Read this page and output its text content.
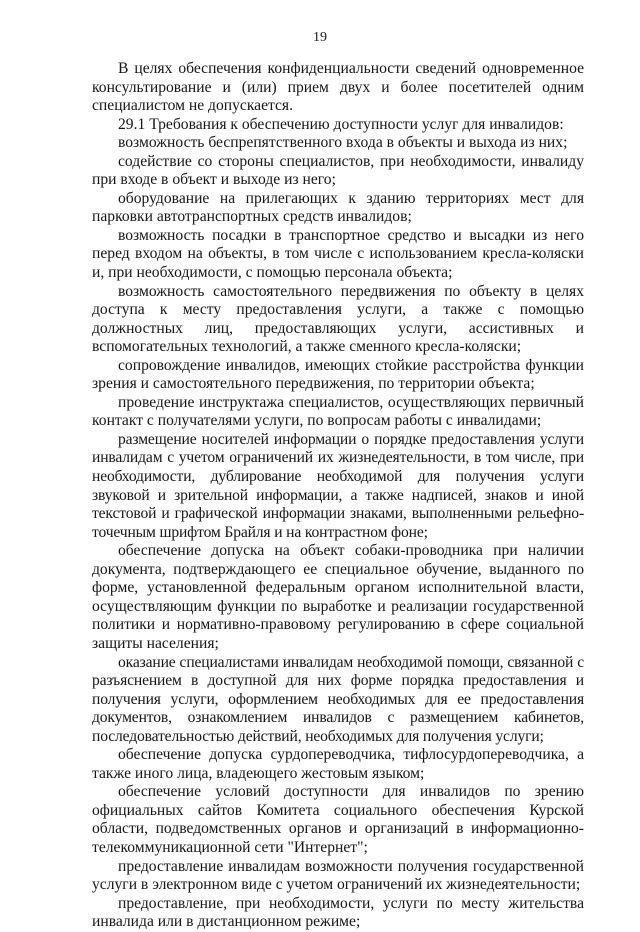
19

В целях обеспечения конфиденциальности сведений одновременное консультирование и (или) прием двух и более посетителей одним специалистом не допускается.

29.1 Требования к обеспечению доступности услуг для инвалидов:

возможность беспрепятственного входа в объекты и выхода из них;

содействие со стороны специалистов, при необходимости, инвалиду при входе в объект и выходе из него;

оборудование на прилегающих к зданию территориях мест для парковки автотранспортных средств инвалидов;

возможность посадки в транспортное средство и высадки из него перед входом на объекты, в том числе с использованием кресла-коляски и, при необходимости, с помощью персонала объекта;

возможность самостоятельного передвижения по объекту в целях доступа к месту предоставления услуги, а также с помощью должностных лиц, предоставляющих услуги, ассистивных и вспомогательных технологий, а также сменного кресла-коляски;

сопровождение инвалидов, имеющих стойкие расстройства функции зрения и самостоятельного передвижения, по территории объекта;

проведение инструктажа специалистов, осуществляющих первичный контакт с получателями услуги, по вопросам работы с инвалидами;

размещение носителей информации о порядке предоставления услуги инвалидам с учетом ограничений их жизнедеятельности, в том числе, при необходимости, дублирование необходимой для получения услуги звуковой и зрительной информации, а также надписей, знаков и иной текстовой и графической информации знаками, выполненными рельефно-точечным шрифтом Брайля и на контрастном фоне;

обеспечение допуска на объект собаки-проводника при наличии документа, подтверждающего ее специальное обучение, выданного по форме, установленной федеральным органом исполнительной власти, осуществляющим функции по выработке и реализации государственной политики и нормативно-правовому регулированию в сфере социальной защиты населения;

оказание специалистами инвалидам необходимой помощи, связанной с разъяснением в доступной для них форме порядка предоставления и получения услуги, оформлением необходимых для ее предоставления документов, ознакомлением инвалидов с размещением кабинетов, последовательностью действий, необходимых для получения услуги;

обеспечение допуска сурдопереводчика, тифлосурдопереводчика, а также иного лица, владеющего жестовым языком;

обеспечение условий доступности для инвалидов по зрению официальных сайтов Комитета социального обеспечения Курской области, подведомственных органов и организаций в информационно-телекоммуникационной сети "Интернет";

предоставление инвалидам возможности получения государственной услуги в электронном виде с учетом ограничений их жизнедеятельности;

предоставление, при необходимости, услуги по месту жительства инвалида или в дистанционном режиме;
